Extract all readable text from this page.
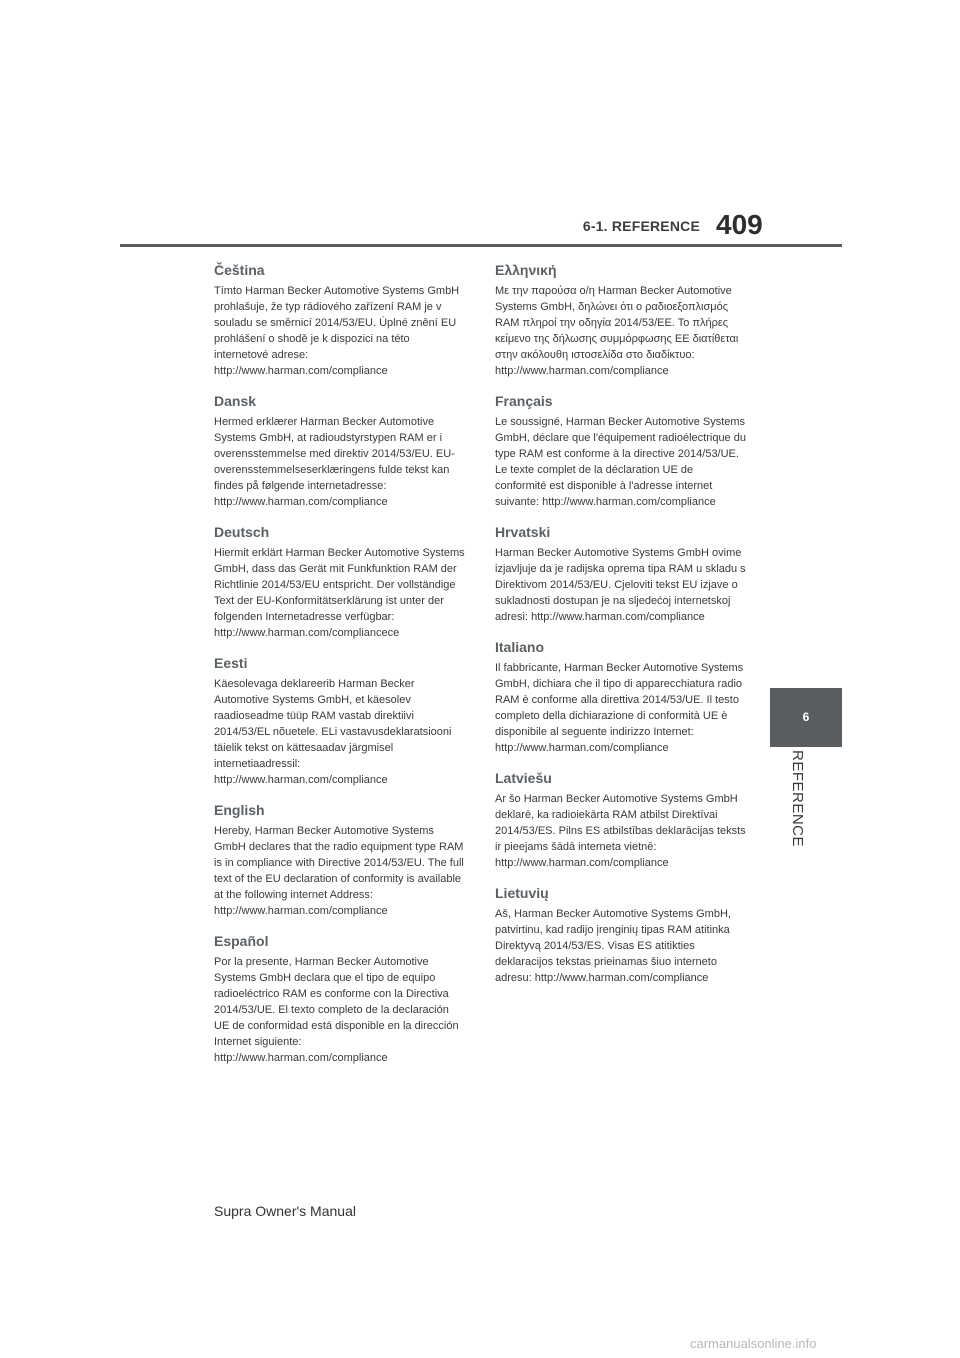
6-1. REFERENCE 409
6
REFERENCE
Čeština

Tímto Harman Becker Automotive Systems GmbH prohlašuje, že typ rádiového zařízení RAM je v souladu se směrnicí 2014/53/EU. Úplné znění EU prohlášení o shodě je k dispozici na této internetové adrese: http://www.harman.com/compliance

Dansk

Hermed erklærer Harman Becker Automotive Systems GmbH, at radioudstyrstypen RAM er i overensstemmelse med direktiv 2014/53/EU. EU-overensstemmelseserklæringens fulde tekst kan findes på følgende internetadresse: http://www.harman.com/compliance

Deutsch

Hiermit erklärt Harman Becker Automotive Systems GmbH, dass das Gerät mit Funkfunktion RAM der Richtlinie 2014/53/EU entspricht. Der vollständige Text der EU-Konformitätserklärung ist unter der folgenden Internetadresse verfügbar: http://www.harman.com/compliancece

Eesti

Käesolevaga deklareerib Harman Becker Automotive Systems GmbH, et käesolev raadioseadme tüüp RAM vastab direktiivi 2014/53/EL nõuetele. ELi vastavusdeklaratsiooni täielik tekst on kättesaadav järgmisel internetiaadressil: http://www.harman.com/compliance

English

Hereby, Harman Becker Automotive Systems GmbH declares that the radio equipment type RAM is in compliance with Directive 2014/53/EU. The full text of the EU declaration of conformity is available at the following internet Address: http://www.harman.com/compliance

Español

Por la presente, Harman Becker Automotive Systems GmbH declara que el tipo de equipo radioeléctrico RAM es conforme con la Directiva 2014/53/UE. El texto completo de la declaración UE de conformidad está disponible en la dirección Internet siguiente: http://www.harman.com/compliance

Ελληνική

Με την παρούσα ο/η Harman Becker Automotive Systems GmbH, δηλώνει ότι ο ραδιοεξοπλισμός RAM πληροί την οδηγία 2014/53/ΕΕ. Το πλήρες κείμενο της δήλωσης συμμόρφωσης ΕΕ διατίθεται στην ακόλουθη ιστοσελίδα στο διαδίκτυο: http://www.harman.com/compliance

Français

Le soussigné, Harman Becker Automotive Systems GmbH, déclare que l'équipement radioélectrique du type RAM est conforme à la directive 2014/53/UE. Le texte complet de la déclaration UE de conformité est disponible à l'adresse internet suivante: http://www.harman.com/compliance

Hrvatski

Harman Becker Automotive Systems GmbH ovime izjavljuje da je radijska oprema tipa RAM u skladu s Direktivom 2014/53/EU. Cjeloviti tekst EU izjave o sukladnosti dostupan je na sljedećoj internetskoj adresi: http://www.harman.com/compliance

Italiano

Il fabbricante, Harman Becker Automotive Systems GmbH, dichiara che il tipo di apparecchiatura radio RAM è conforme alla direttiva 2014/53/UE. Il testo completo della dichiarazione di conformità UE è disponibile al seguente indirizzo Internet: http://www.harman.com/compliance

Latviešu

Ar šo Harman Becker Automotive Systems GmbH deklarē, ka radioiekārta RAM atbilst Direktīvai 2014/53/ES. Pilns ES atbilstības deklarācijas teksts ir pieejams šādā interneta vietnē: http://www.harman.com/compliance

Lietuvių

Aš, Harman Becker Automotive Systems GmbH, patvirtinu, kad radijo įrenginių tipas RAM atitinka Direktyvą 2014/53/ES. Visas ES atitikties deklaracijos tekstas prieinamas šiuo interneto adresu: http://www.harman.com/compliance

Supra Owner's Manual
carmanualsonline.info
